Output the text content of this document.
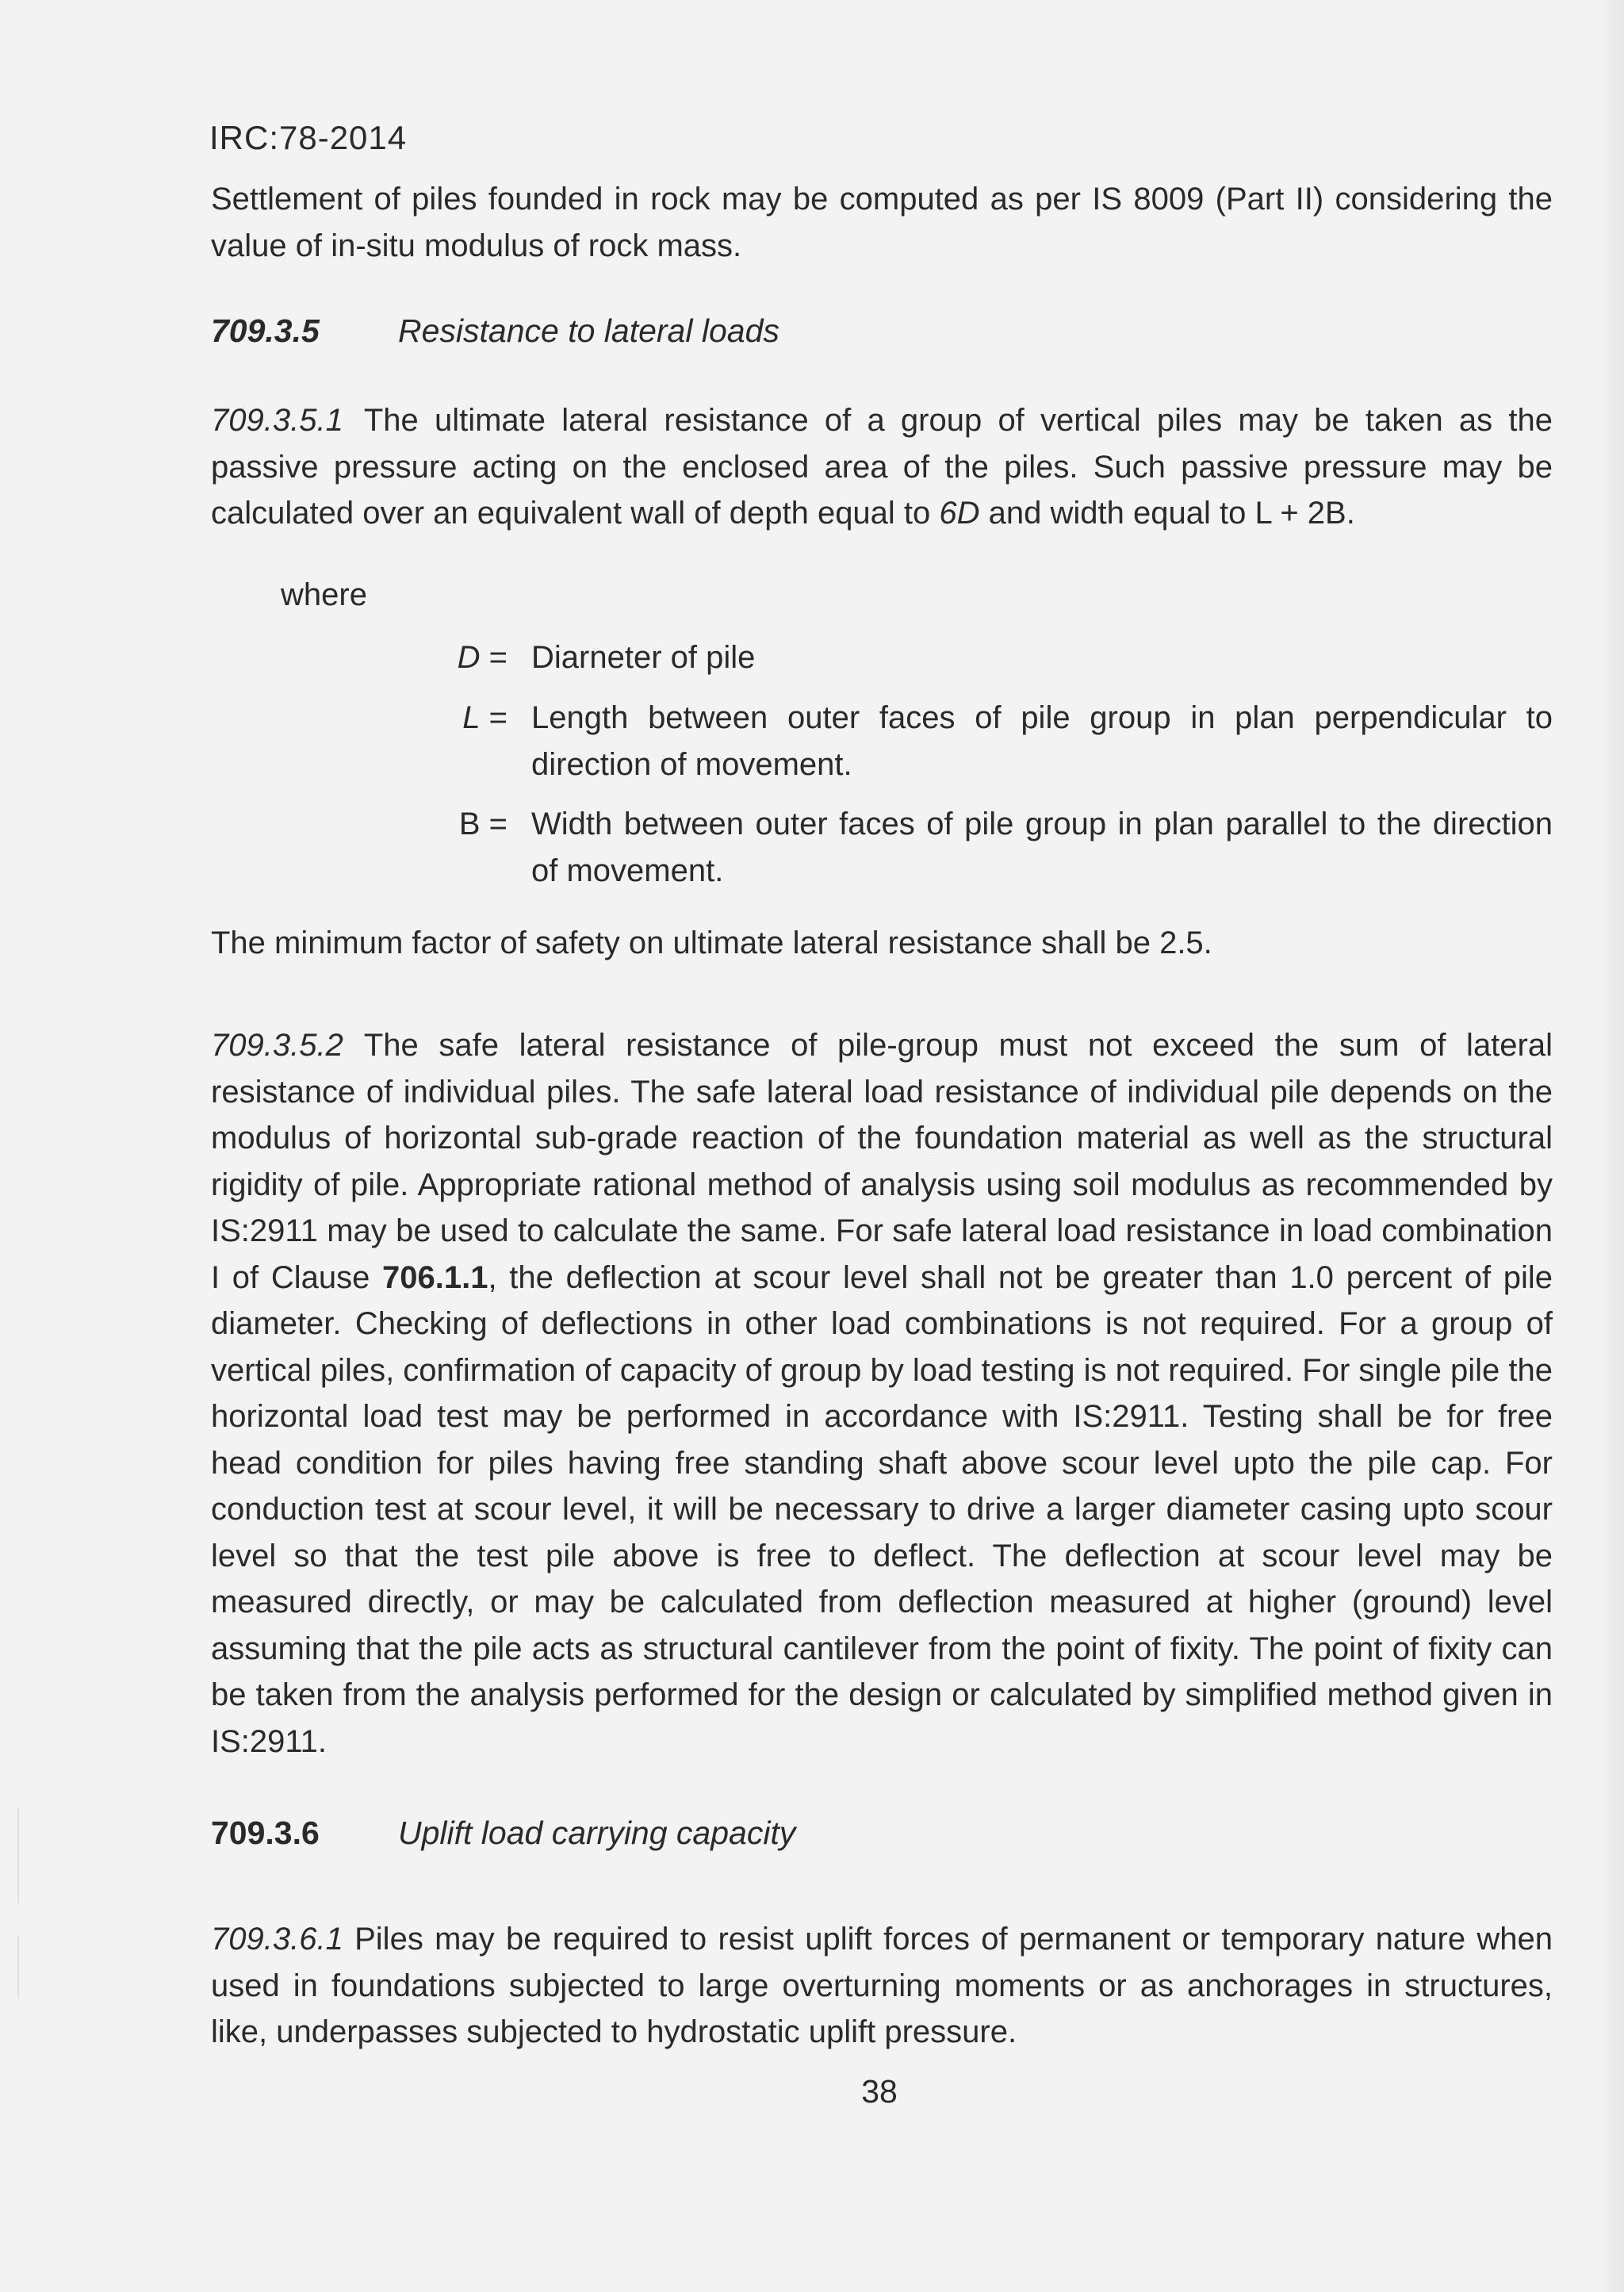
IRC:78-2014

Settlement of piles founded in rock may be computed as per IS 8009 (Part II) considering the value of in-situ modulus of rock mass.

709.3.5 Resistance to lateral loads

709.3.5.1 The ultimate lateral resistance of a group of vertical piles may be taken as the passive pressure acting on the enclosed area of the piles. Such passive pressure may be calculated over an equivalent wall of depth equal to 6D and width equal to L + 2B.

where
D = Diarneter of pile
L = Length between outer faces of pile group in plan perpendicular to direction of movement.
B = Width between outer faces of pile group in plan parallel to the direction of movement.

The minimum factor of safety on ultimate lateral resistance shall be 2.5.

709.3.5.2 The safe lateral resistance of pile-group must not exceed the sum of lateral resistance of individual piles. The safe lateral load resistance of individual pile depends on the modulus of horizontal sub-grade reaction of the foundation material as well as the structural rigidity of pile. Appropriate rational method of analysis using soil modulus as recommended by IS:2911 may be used to calculate the same. For safe lateral load resistance in load combination I of Clause 706.1.1, the deflection at scour level shall not be greater than 1.0 percent of pile diameter. Checking of deflections in other load combinations is not required. For a group of vertical piles, confirmation of capacity of group by load testing is not required. For single pile the horizontal load test may be performed in accordance with IS:2911. Testing shall be for free head condition for piles having free standing shaft above scour level upto the pile cap. For conduction test at scour level, it will be necessary to drive a larger diameter casing upto scour level so that the test pile above is free to deflect. The deflection at scour level may be measured directly, or may be calculated from deflection measured at higher (ground) level assuming that the pile acts as structural cantilever from the point of fixity. The point of fixity can be taken from the analysis performed for the design or calculated by simplified method given in IS:2911.

709.3.6 Uplift load carrying capacity

709.3.6.1 Piles may be required to resist uplift forces of permanent or temporary nature when used in foundations subjected to large overturning moments or as anchorages in structures, like, underpasses subjected to hydrostatic uplift pressure.

38
